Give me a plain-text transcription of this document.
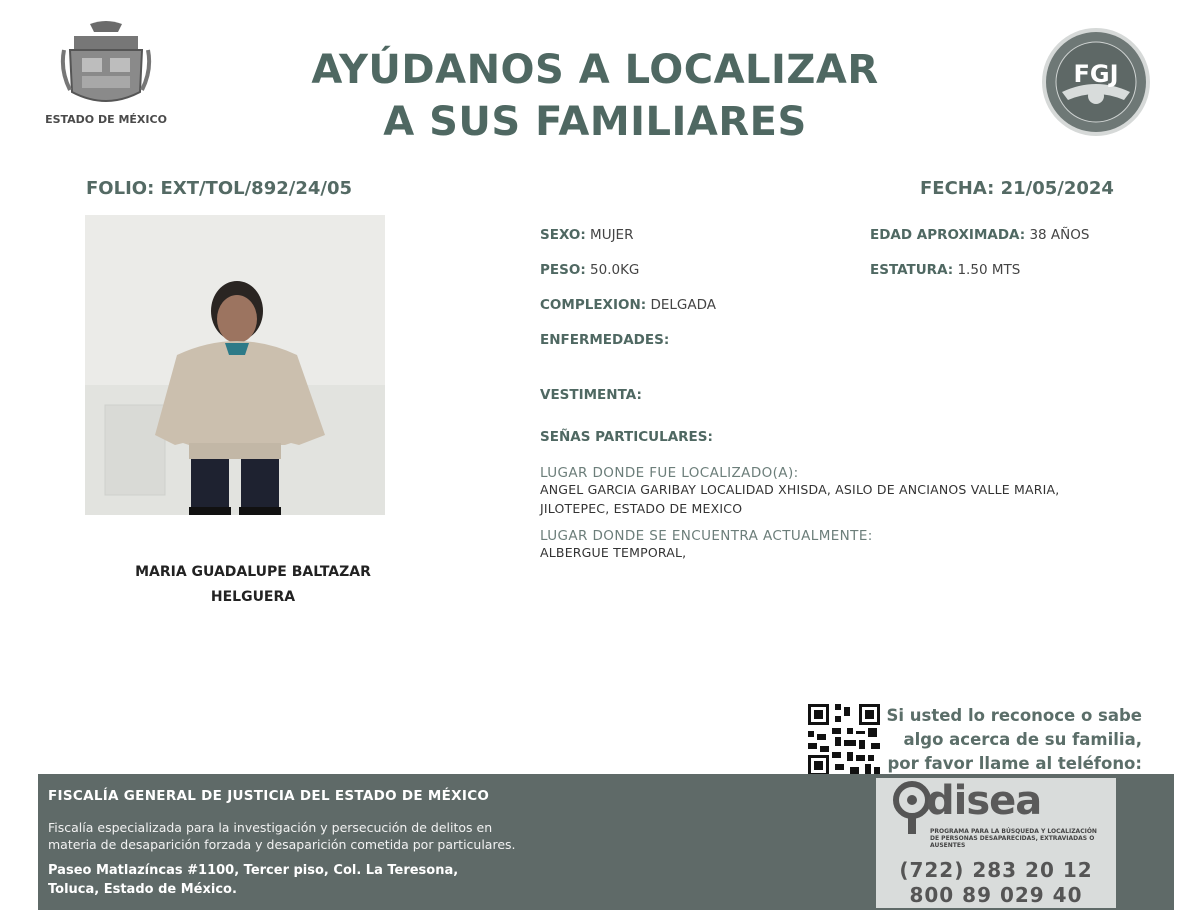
ESTADO DE MÉXICO
AYÚDANOS A LOCALIZAR
A SUS FAMILIARES
FGJ
FOLIO: EXT/TOL/892/24/05	FECHA: 21/05/2024
MARIA GUADALUPE BALTAZAR
HELGUERA
SEXO: MUJER	EDAD APROXIMADA: 38 AÑOS
PESO: 50.0KG	ESTATURA: 1.50 MTS
COMPLEXION: DELGADA
ENFERMEDADES:
VESTIMENTA:
SEÑAS PARTICULARES:
LUGAR DONDE FUE LOCALIZADO(A):
ANGEL GARCIA GARIBAY LOCALIDAD XHISDA, ASILO DE ANCIANOS VALLE MARIA,
JILOTEPEC, ESTADO DE MEXICO
LUGAR DONDE SE ENCUENTRA ACTUALMENTE:
ALBERGUE TEMPORAL,
Si usted lo reconoce o sabe
algo acerca de su familia,
por favor llame al teléfono:
FISCALÍA GENERAL DE JUSTICIA DEL ESTADO DE MÉXICO
Fiscalía especializada para la investigación y persecución de delitos en
materia de desaparición forzada y desaparición cometida por particulares.
Paseo Matlazíncas #1100, Tercer piso, Col. La Teresona,
Toluca, Estado de México.
disea
PROGRAMA PARA LA BÚSQUEDA Y LOCALIZACIÓN DE PERSONAS DESAPARECIDAS, EXTRAVIADAS O AUSENTES
(722) 283 20 12
800 89 029 40
